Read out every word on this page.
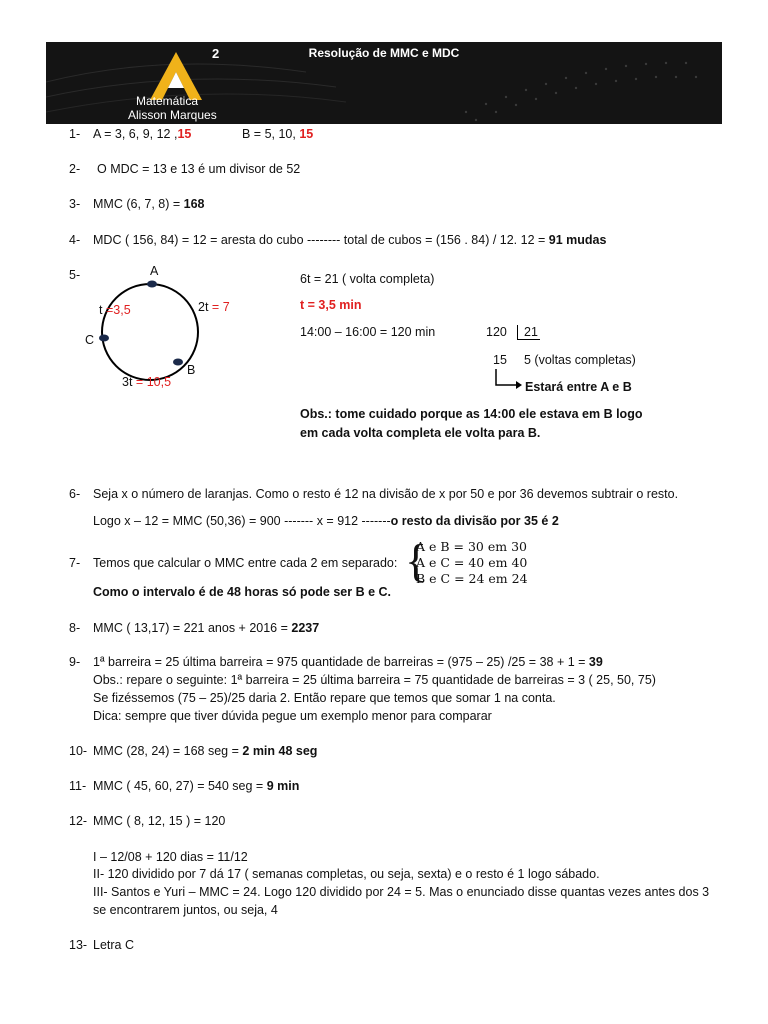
Resolução de MMC e MDC
2
Matemática
Alisson Marques
1- A = 3, 6, 9, 12 ,15	B = 5, 10, 15
2- O MDC = 13 e 13 é um divisor de 52
3- MMC (6, 7, 8) = 168
4- MDC ( 156, 84) = 12 = aresta do cubo -------- total de cubos = (156 . 84) / 12. 12 = 91 mudas
5-	A
B
C
t =3,5	2t = 7
3t = 10,5
6t = 21 ( volta completa)
t = 3,5 min
14:00 – 16:00 = 120 min	120	21
15 5 (voltas completas)
Estará entre A e B
Obs.: tome cuidado porque as 14:00 ele estava em B logo
em cada volta completa ele volta para B.
6- Seja x o número de laranjas. Como o resto é 12 na divisão de x por 50 e por 36 devemos subtrair o resto.
Logo x – 12 = MMC (50,36) = 900 ------- x = 912 -------o resto da divisão por 35 é 2
7- Temos que calcular o MMC entre cada 2 em separado: {
A e B = 30 em 30
A e C = 40 em 40
B e C = 24 em 24
Como o intervalo é de 48 horas só pode ser B e C.
8- MMC ( 13,17) = 221 anos + 2016 = 2237
9- 1ª barreira = 25 última barreira = 975 quantidade de barreiras = (975 – 25) /25 = 38 + 1 = 39
Obs.: repare o seguinte: 1ª barreira = 25 última barreira = 75 quantidade de barreiras = 3 ( 25, 50, 75)
Se fizéssemos (75 – 25)/25 daria 2. Então repare que temos que somar 1 na conta.
Dica: sempre que tiver dúvida pegue um exemplo menor para comparar
10- MMC (28, 24) = 168 seg = 2 min 48 seg
11- MMC ( 45, 60, 27) = 540 seg = 9 min
12- MMC ( 8, 12, 15 ) = 120
I – 12/08 + 120 dias = 11/12
II- 120 dividido por 7 dá 17 ( semanas completas, ou seja, sexta) e o resto é 1 logo sábado.
III- Santos e Yuri – MMC = 24. Logo 120 dividido por 24 = 5. Mas o enunciado disse quantas vezes antes dos 3
se encontrarem juntos, ou seja, 4
13- Letra C
